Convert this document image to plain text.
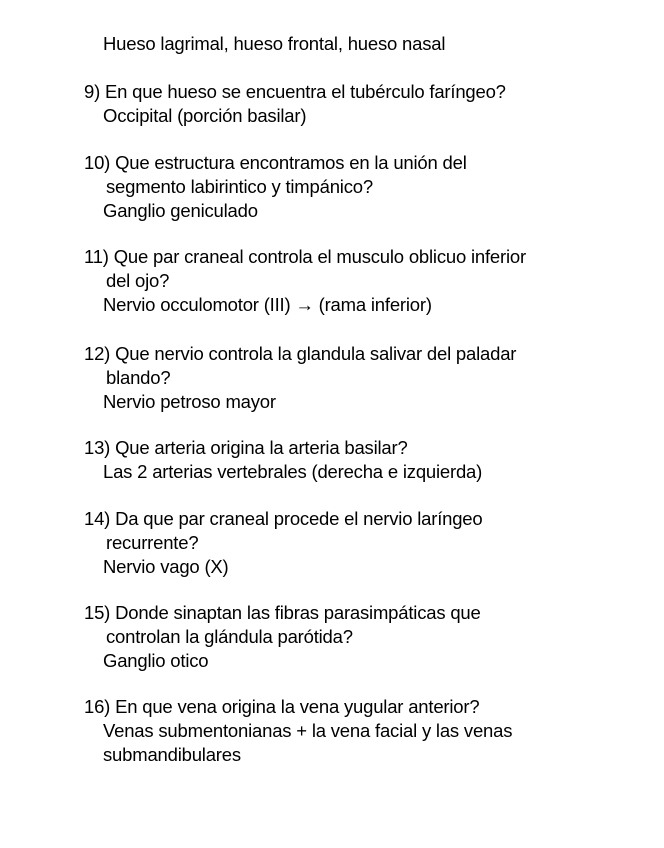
Hueso lagrimal, hueso frontal, hueso nasal
9) En que hueso se encuentra el tubérculo faríngeo?
Occipital (porción basilar)
10) Que estructura encontramos en la unión del
segmento labirintico y timpánico?
Ganglio geniculado
11) Que par craneal controla el musculo oblicuo inferior
del ojo?
Nervio occulomotor (III) → (rama inferior)
12) Que nervio controla la glandula salivar del paladar
blando?
Nervio petroso mayor
13) Que arteria origina la arteria basilar?
Las 2 arterias vertebrales (derecha e izquierda)
14) Da que par craneal procede el nervio laríngeo
recurrente?
Nervio vago (X)
15) Donde sinaptan las fibras parasimpáticas que
controlan la glándula parótida?
Ganglio otico
16) En que vena origina la vena yugular anterior?
Venas submentonianas + la vena facial y las venas
submandibulares
